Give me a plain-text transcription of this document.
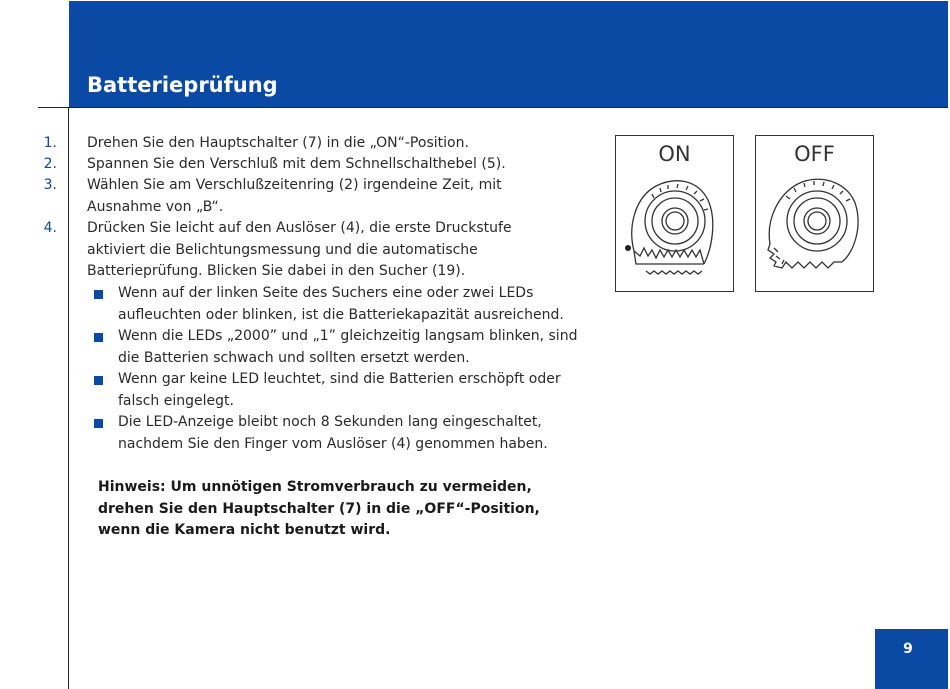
Batterieprüfung
1. Drehen Sie den Hauptschalter (7) in die „ON“-Position.
2. Spannen Sie den Verschluß mit dem Schnellschalthebel (5).
3. Wählen Sie am Verschlußzeitenring (2) irgendeine Zeit, mit Ausnahme von „B“.
4. Drücken Sie leicht auf den Auslöser (4), die erste Druckstufe aktiviert die Belichtungsmessung und die automatische Batterieprüfung. Blicken Sie dabei in den Sucher (19).
Wenn auf der linken Seite des Suchers eine oder zwei LEDs aufleuchten oder blinken, ist die Batteriekapazität ausreichend.
Wenn die LEDs „2000” und „1” gleichzeitig langsam blinken, sind die Batterien schwach und sollten ersetzt werden.
Wenn gar keine LED leuchtet, sind die Batterien erschöpft oder falsch eingelegt.
Die LED-Anzeige bleibt noch 8 Sekunden lang eingeschaltet, nachdem Sie den Finger vom Auslöser (4) genommen haben.
Hinweis: Um unnötigen Stromverbrauch zu vermeiden, drehen Sie den Hauptschalter (7) in die „OFF“-Position, wenn die Kamera nicht benutzt wird.
ON	OFF
9
